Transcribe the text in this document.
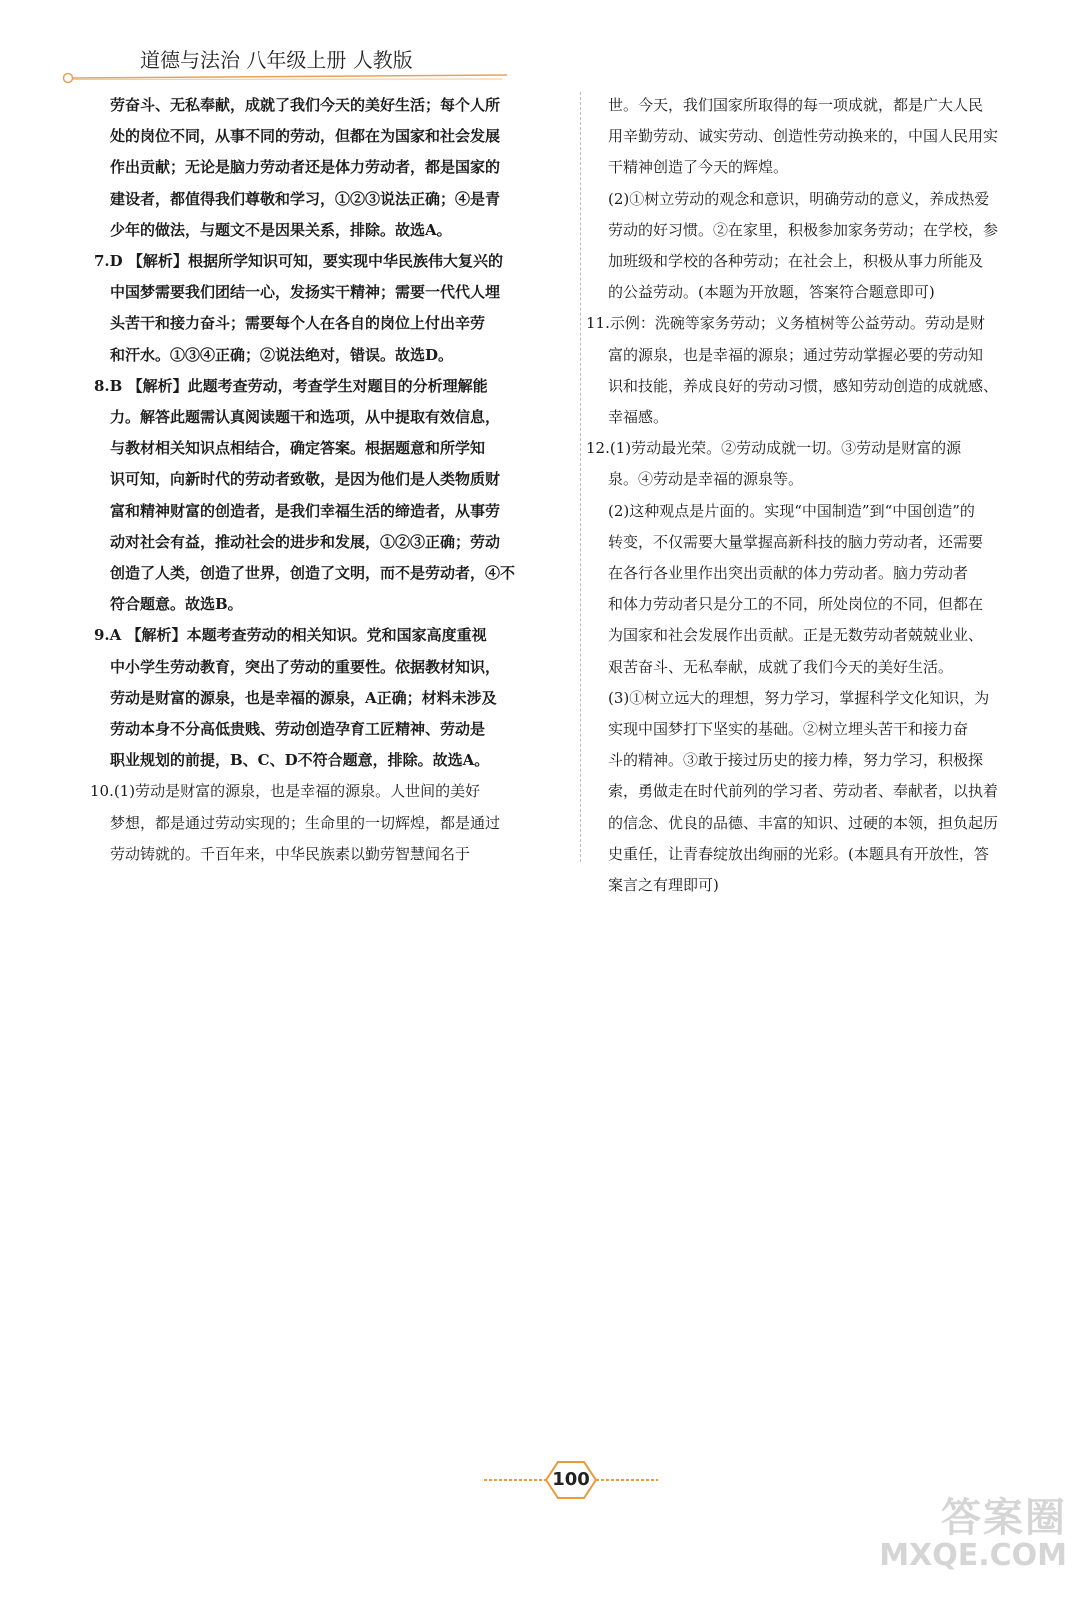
道德与法治 八年级上册 人教版

劳奋斗、无私奉献，成就了我们今天的美好生活；每个人所
处的岗位不同，从事不同的劳动，但都在为国家和社会发展
作出贡献；无论是脑力劳动者还是体力劳动者，都是国家的
建设者，都值得我们尊敬和学习，①②③说法正确；④是青
少年的做法，与题文不是因果关系，排除。故选A。

7.D 【解析】根据所学知识可知，要实现中华民族伟大复兴的

中国梦需要我们团结一心，发扬实干精神；需要一代代人埋
头苦干和接力奋斗；需要每个人在各自的岗位上付出辛劳
和汗水。①③④正确；②说法绝对，错误。故选D。

8.B 【解析】此题考查劳动，考查学生对题目的分析理解能

力。解答此题需认真阅读题干和选项，从中提取有效信息，
与教材相关知识点相结合，确定答案。根据题意和所学知
识可知，向新时代的劳动者致敬，是因为他们是人类物质财
富和精神财富的创造者，是我们幸福生活的缔造者，从事劳
动对社会有益，推动社会的进步和发展，①②③正确；劳动
创造了人类，创造了世界，创造了文明，而不是劳动者，④不
符合题意。故选B。

9.A 【解析】本题考查劳动的相关知识。党和国家高度重视

中小学生劳动教育，突出了劳动的重要性。依据教材知识，
劳动是财富的源泉，也是幸福的源泉，A正确；材料未涉及
劳动本身不分高低贵贱、劳动创造孕育工匠精神、劳动是
职业规划的前提，B、C、D不符合题意，排除。故选A。

10.(1)劳动是财富的源泉，也是幸福的源泉。人世间的美好

梦想，都是通过劳动实现的；生命里的一切辉煌，都是通过
劳动铸就的。千百年来，中华民族素以勤劳智慧闻名于

世。今天，我们国家所取得的每一项成就，都是广大人民
用辛勤劳动、诚实劳动、创造性劳动换来的，中国人民用实
干精神创造了今天的辉煌。
(2)①树立劳动的观念和意识，明确劳动的意义，养成热爱
劳动的好习惯。②在家里，积极参加家务劳动；在学校，参
加班级和学校的各种劳动；在社会上，积极从事力所能及
的公益劳动。(本题为开放题，答案符合题意即可)

11.示例：洗碗等家务劳动；义务植树等公益劳动。劳动是财

富的源泉，也是幸福的源泉；通过劳动掌握必要的劳动知
识和技能，养成良好的劳动习惯，感知劳动创造的成就感、
幸福感。

12.(1)劳动最光荣。②劳动成就一切。③劳动是财富的源

泉。④劳动是幸福的源泉等。
(2)这种观点是片面的。实现“中国制造”到“中国创造”的
转变，不仅需要大量掌握高新科技的脑力劳动者，还需要
在各行各业里作出突出贡献的体力劳动者。脑力劳动者
和体力劳动者只是分工的不同，所处岗位的不同，但都在
为国家和社会发展作出贡献。正是无数劳动者兢兢业业、
艰苦奋斗、无私奉献，成就了我们今天的美好生活。
(3)①树立远大的理想，努力学习，掌握科学文化知识，为
实现中国梦打下坚实的基础。②树立埋头苦干和接力奋
斗的精神。③敢于接过历史的接力棒，努力学习，积极探
索，勇做走在时代前列的学习者、劳动者、奉献者，以执着
的信念、优良的品德、丰富的知识、过硬的本领，担负起历
史重任，让青春绽放出绚丽的光彩。(本题具有开放性，答
案言之有理即可)

100
答案圈
MXQE.COM
